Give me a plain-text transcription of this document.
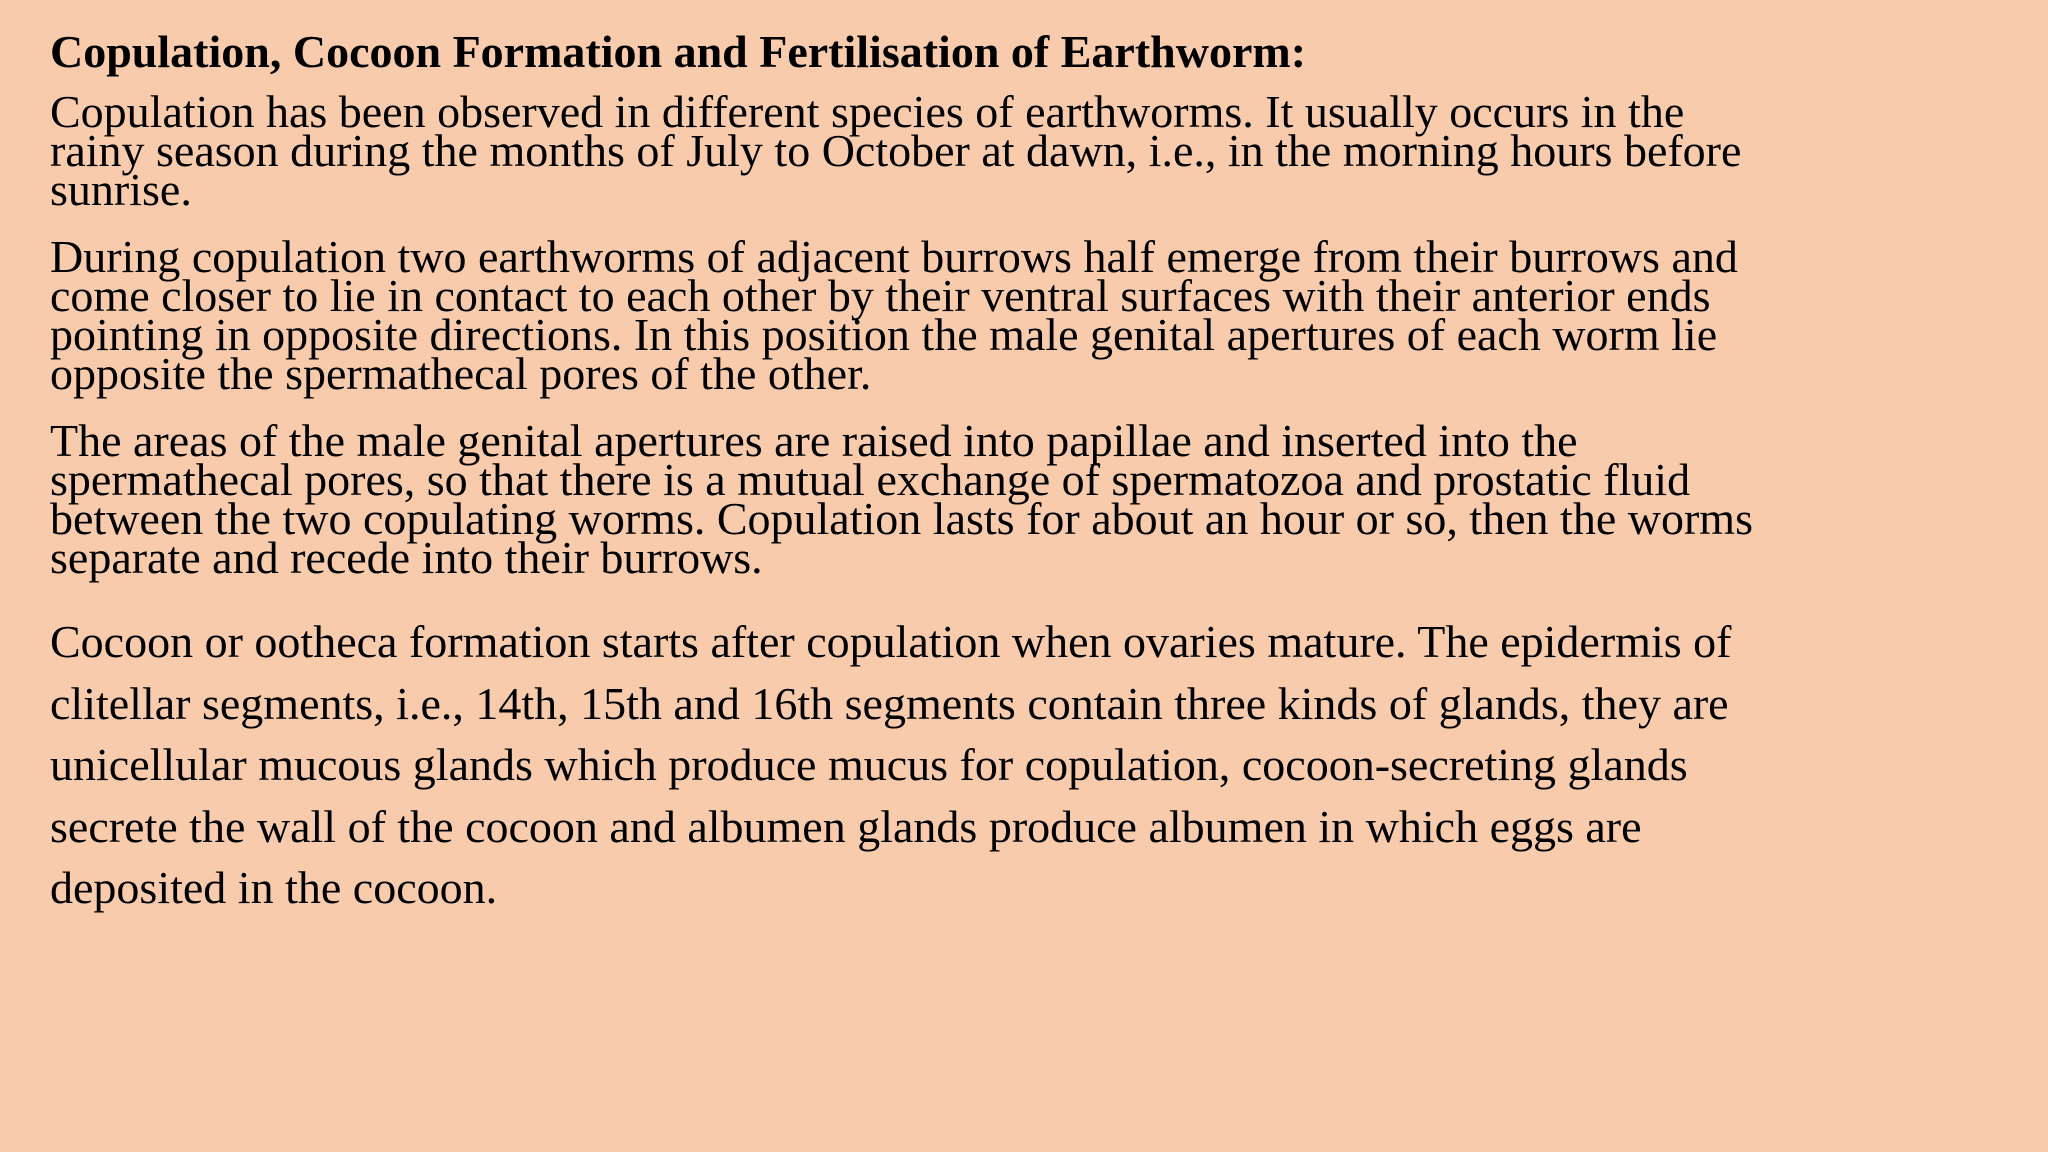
Copulation, Cocoon Formation and Fertilisation of Earthworm:

Copulation has been observed in different species of earthworms. It usually occurs in the
rainy season during the months of July to October at dawn, i.e., in the morning hours before
sunrise.

During copulation two earthworms of adjacent burrows half emerge from their burrows and
come closer to lie in contact to each other by their ventral surfaces with their anterior ends
pointing in opposite directions. In this position the male genital apertures of each worm lie
opposite the spermathecal pores of the other.

The areas of the male genital apertures are raised into papillae and inserted into the
spermathecal pores, so that there is a mutual exchange of spermatozoa and prostatic fluid
between the two copulating worms. Copulation lasts for about an hour or so, then the worms
separate and recede into their burrows.

Cocoon or ootheca formation starts after copulation when ovaries mature. The epidermis of
clitellar segments, i.e., 14th, 15th and 16th segments contain three kinds of glands, they are
unicellular mucous glands which produce mucus for copulation, cocoon-secreting glands
secrete the wall of the cocoon and albumen glands produce albumen in which eggs are
deposited in the cocoon.
